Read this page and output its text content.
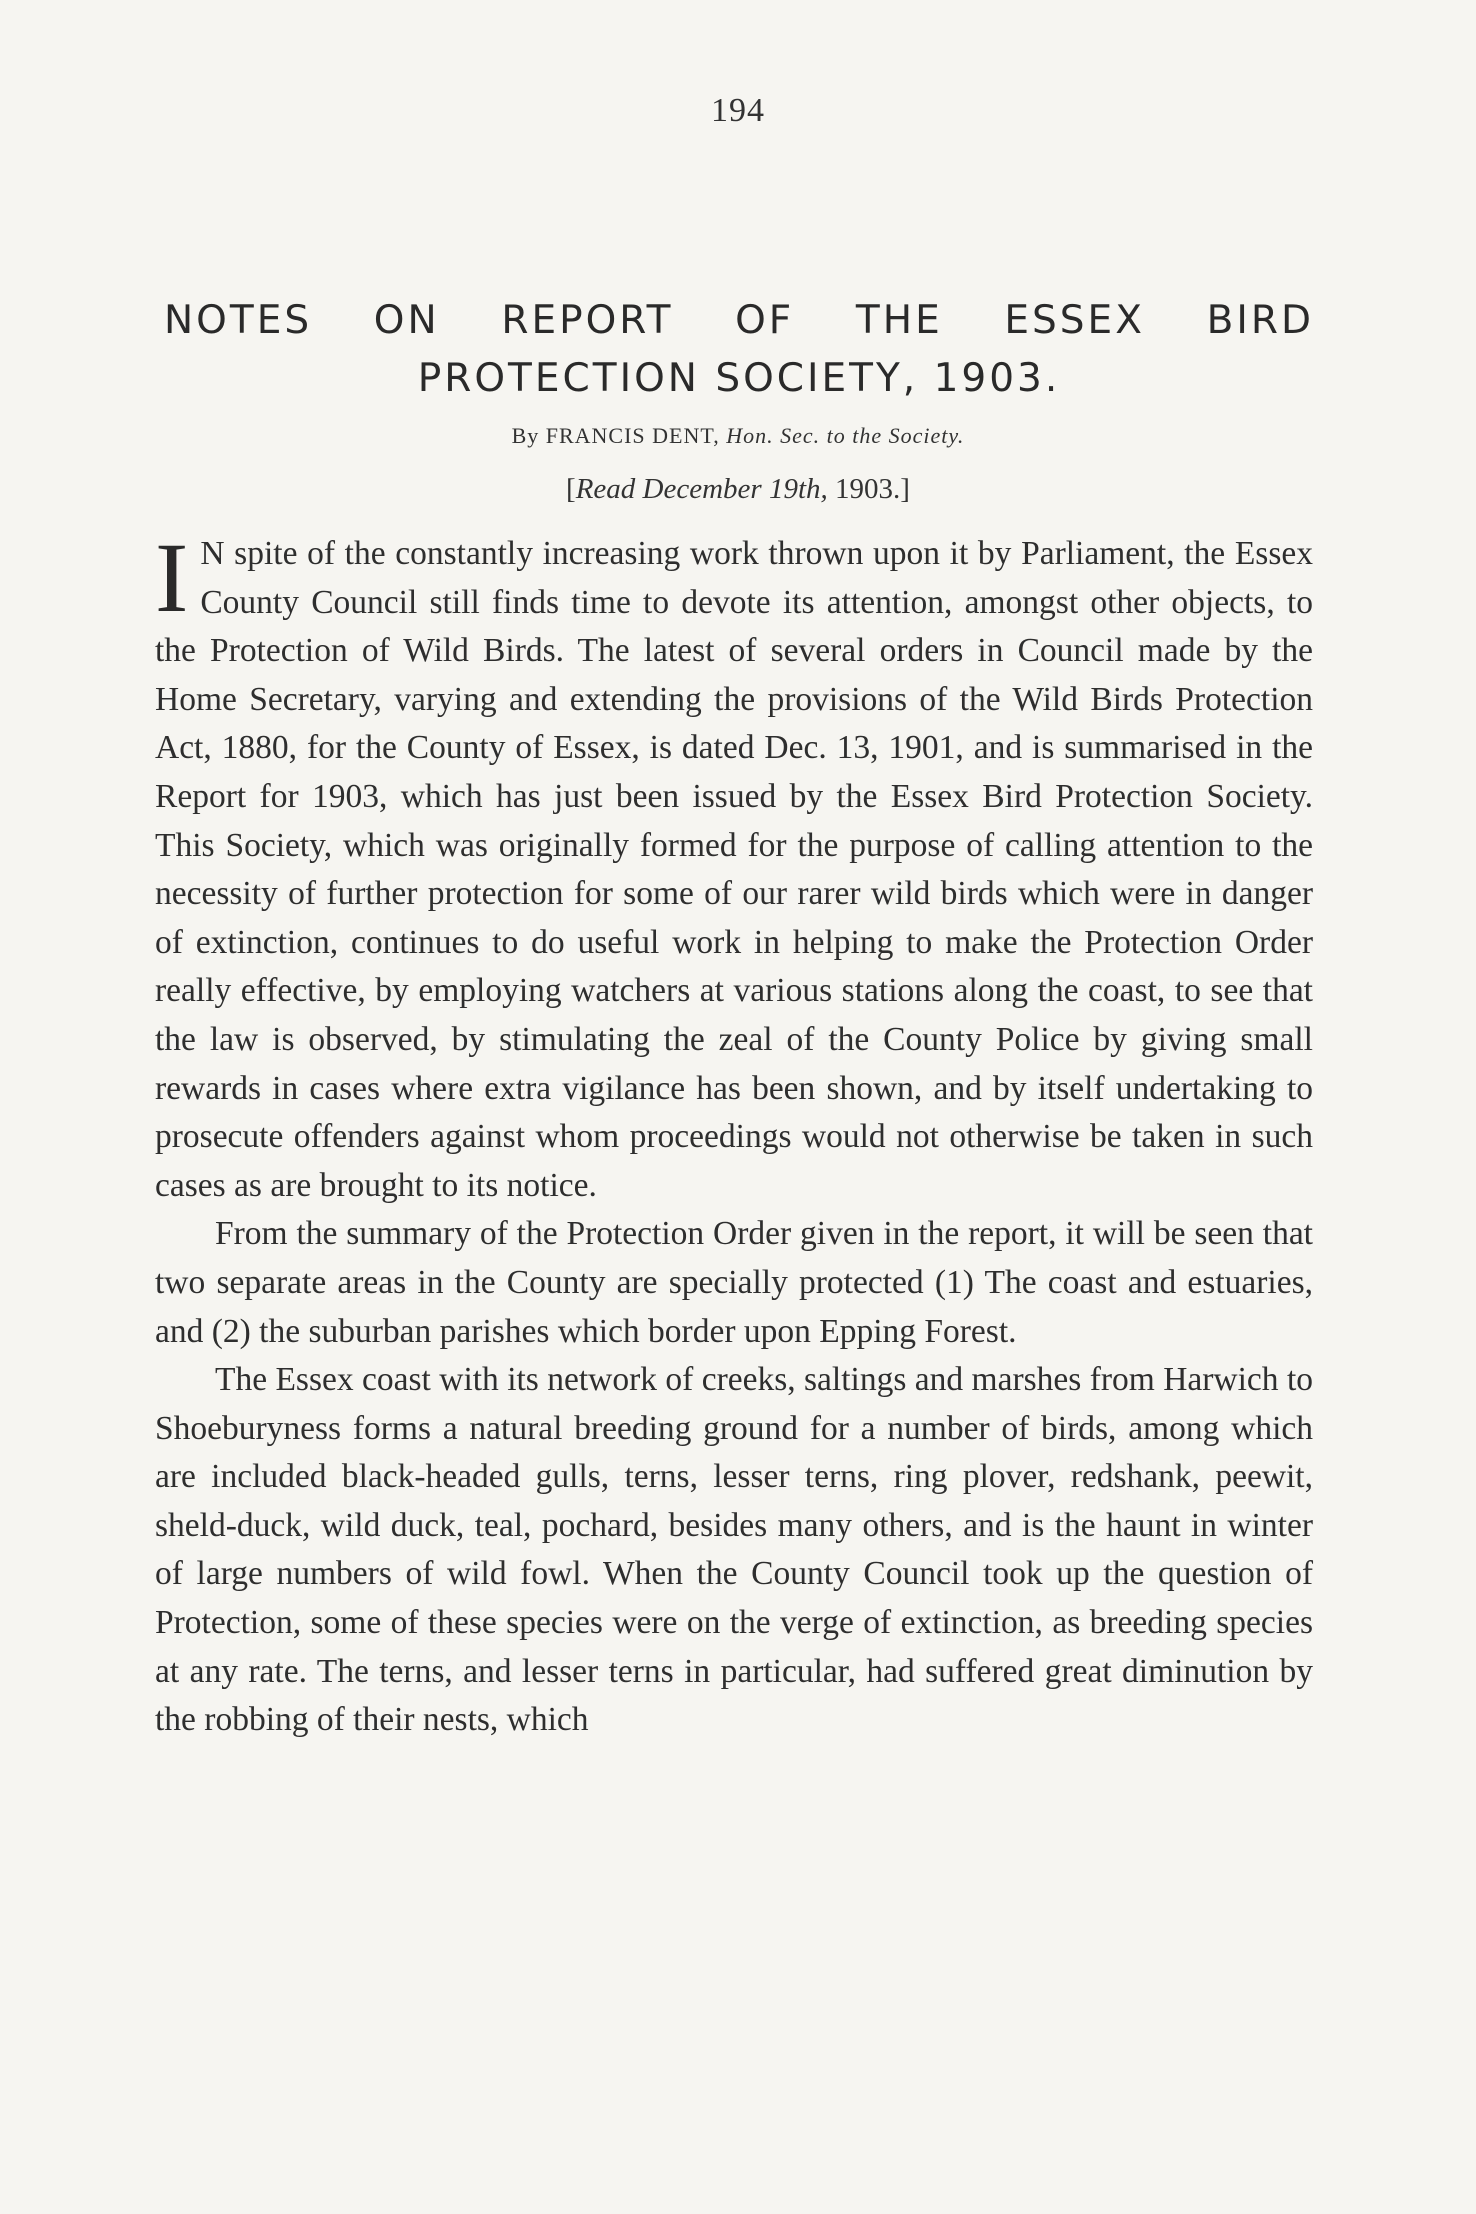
194
NOTES ON REPORT OF THE ESSEX BIRD
PROTECTION SOCIETY, 1903.
By FRANCIS DENT, Hon. Sec. to the Society.
[Read December 19th, 1903.]

I N spite of the constantly increasing work thrown upon it by Parliament, the Essex County Council still finds time to devote its attention, amongst other objects, to the Protection of Wild Birds. The latest of several orders in Council made by the Home Secretary, varying and extending the provisions of the Wild Birds Protection Act, 1880, for the County of Essex, is dated Dec. 13, 1901, and is summarised in the Report for 1903, which has just been issued by the Essex Bird Protection Society. This Society, which was originally formed for the purpose of calling attention to the necessity of further protection for some of our rarer wild birds which were in danger of extinction, continues to do useful work in helping to make the Protection Order really effective, by employing watchers at various stations along the coast, to see that the law is observed, by stimulating the zeal of the County Police by giving small rewards in cases where extra vigilance has been shown, and by itself undertaking to prosecute offenders against whom proceedings would not otherwise be taken in such cases as are brought to its notice.

From the summary of the Protection Order given in the report, it will be seen that two separate areas in the County are specially protected (1) The coast and estuaries, and (2) the suburban parishes which border upon Epping Forest.

The Essex coast with its network of creeks, saltings and marshes from Harwich to Shoeburyness forms a natural breeding ground for a number of birds, among which are included black-headed gulls, terns, lesser terns, ring plover, redshank, peewit, sheld-duck, wild duck, teal, pochard, besides many others, and is the haunt in winter of large numbers of wild fowl. When the County Council took up the question of Protection, some of these species were on the verge of extinction, as breeding species at any rate. The terns, and lesser terns in particular, had suffered great diminution by the robbing of their nests, which
